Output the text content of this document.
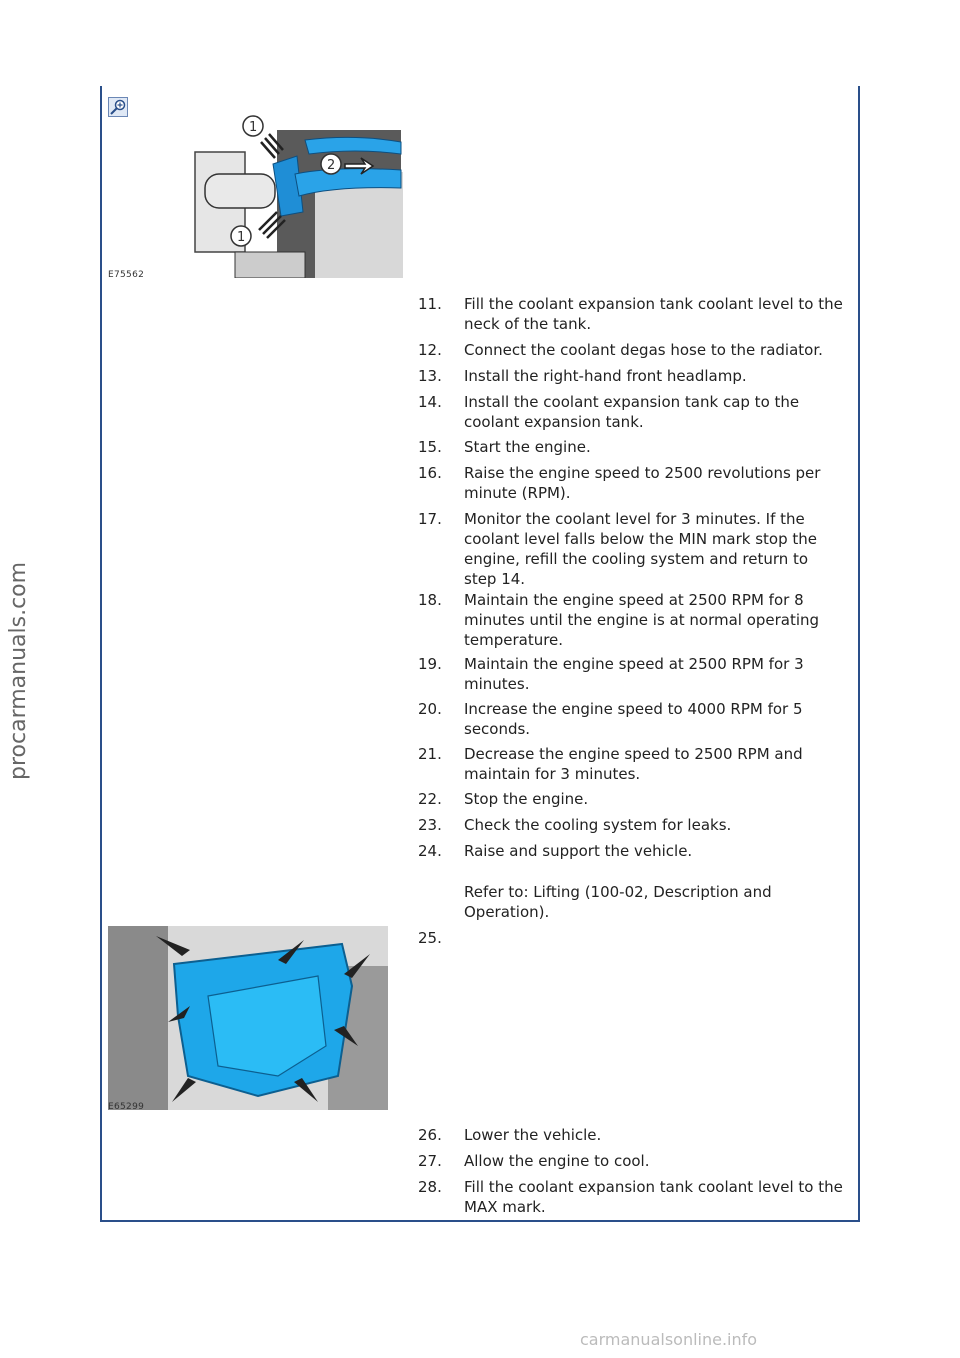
1
2
1
E75562
E65299
11.	Fill the coolant expansion tank coolant level to the neck of the tank.
12.	Connect the coolant degas hose to the radiator.
13.	Install the right-hand front headlamp.
14.	Install the coolant expansion tank cap to the coolant expansion tank.
15.	Start the engine.
16.	Raise the engine speed to 2500 revolutions per minute (RPM).
17.	Monitor the coolant level for 3 minutes. If the coolant level falls below the MIN mark stop the engine, refill the cooling system and return to step 14.
18.	Maintain the engine speed at 2500 RPM for 8 minutes until the engine is at normal operating temperature.
19.	Maintain the engine speed at 2500 RPM for 3 minutes.
20.	Increase the engine speed to 4000 RPM for 5 seconds.
21.	Decrease the engine speed to 2500 RPM and maintain for 3 minutes.
22.	Stop the engine.
23.	Check the cooling system for leaks.
24.	Raise and support the vehicle.
Refer to: Lifting (100-02, Description and Operation).
25.
26.	Lower the vehicle.
27.	Allow the engine to cool.
28.	Fill the coolant expansion tank coolant level to the MAX mark.
procarmanuals.com
carmanualsonline.info
